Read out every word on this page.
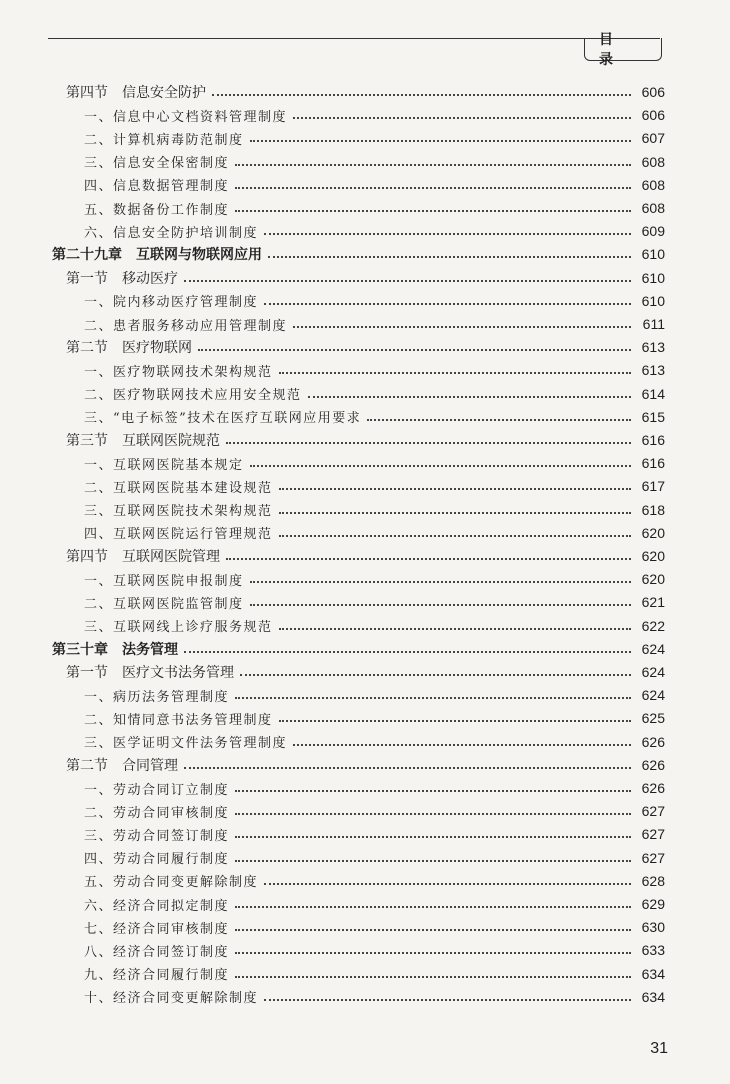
目 录
第四节　信息安全防护	606
一、信息中心文档资料管理制度	606
二、计算机病毒防范制度	607
三、信息安全保密制度	608
四、信息数据管理制度	608
五、数据备份工作制度	608
六、信息安全防护培训制度	609
第二十九章　互联网与物联网应用	610
第一节　移动医疗	610
一、院内移动医疗管理制度	610
二、患者服务移动应用管理制度	611
第二节　医疗物联网	613
一、医疗物联网技术架构规范	613
二、医疗物联网技术应用安全规范	614
三、“电子标签”技术在医疗互联网应用要求	615
第三节　互联网医院规范	616
一、互联网医院基本规定	616
二、互联网医院基本建设规范	617
三、互联网医院技术架构规范	618
四、互联网医院运行管理规范	620
第四节　互联网医院管理	620
一、互联网医院申报制度	620
二、互联网医院监管制度	621
三、互联网线上诊疗服务规范	622
第三十章　法务管理	624
第一节　医疗文书法务管理	624
一、病历法务管理制度	624
二、知情同意书法务管理制度	625
三、医学证明文件法务管理制度	626
第二节　合同管理	626
一、劳动合同订立制度	626
二、劳动合同审核制度	627
三、劳动合同签订制度	627
四、劳动合同履行制度	627
五、劳动合同变更解除制度	628
六、经济合同拟定制度	629
七、经济合同审核制度	630
八、经济合同签订制度	633
九、经济合同履行制度	634
十、经济合同变更解除制度	634
31
